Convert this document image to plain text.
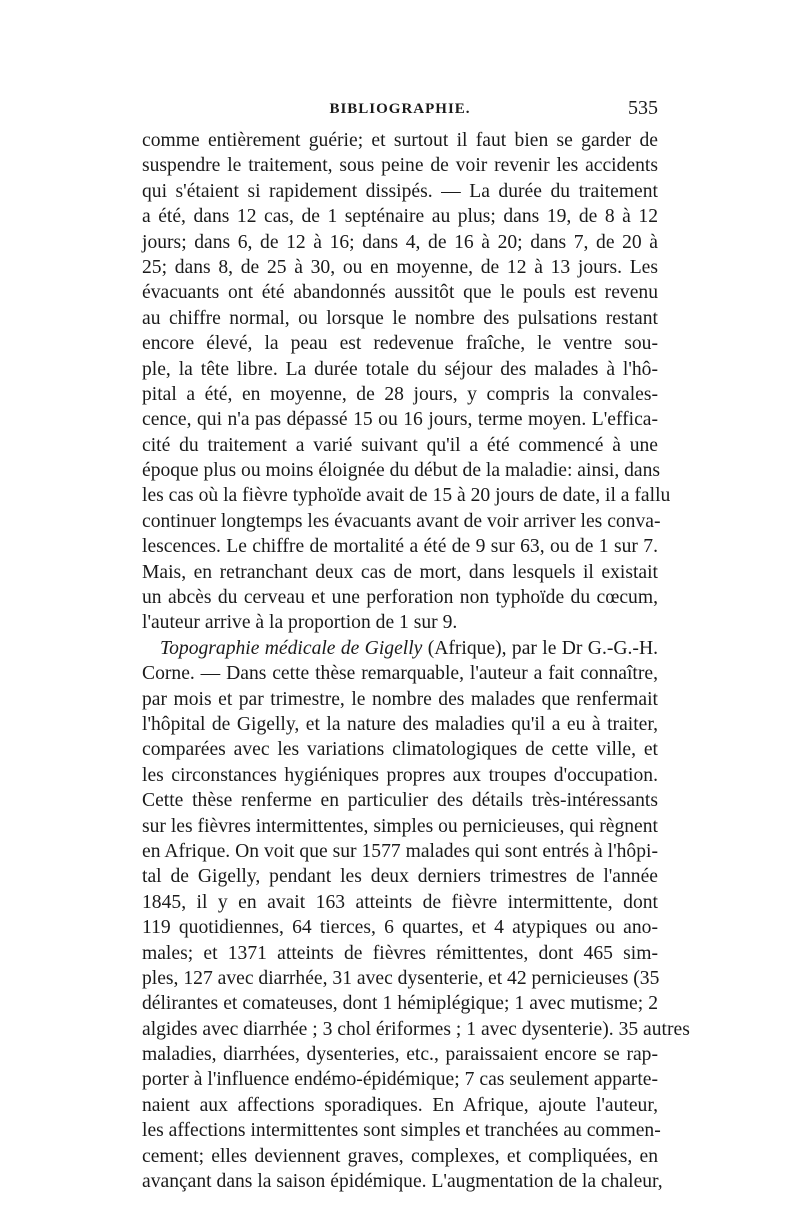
BIBLIOGRAPHIE.	535
comme entièrement guérie; et surtout il faut bien se garder de
suspendre le traitement, sous peine de voir revenir les accidents
qui s'étaient si rapidement dissipés. — La durée du traitement
a été, dans 12 cas, de 1 septénaire au plus; dans 19, de 8 à 12
jours; dans 6, de 12 à 16; dans 4, de 16 à 20; dans 7, de 20 à
25; dans 8, de 25 à 30, ou en moyenne, de 12 à 13 jours. Les
évacuants ont été abandonnés aussitôt que le pouls est revenu
au chiffre normal, ou lorsque le nombre des pulsations restant
encore élevé, la peau est redevenue fraîche, le ventre sou-
ple, la tête libre. La durée totale du séjour des malades à l'hô-
pital a été, en moyenne, de 28 jours, y compris la convales-
cence, qui n'a pas dépassé 15 ou 16 jours, terme moyen. L'effica-
cité du traitement a varié suivant qu'il a été commencé à une
époque plus ou moins éloignée du début de la maladie: ainsi, dans
les cas où la fièvre typhoïde avait de 15 à 20 jours de date, il a fallu
continuer longtemps les évacuants avant de voir arriver les conva-
lescences. Le chiffre de mortalité a été de 9 sur 63, ou de 1 sur 7.
Mais, en retranchant deux cas de mort, dans lesquels il existait
un abcès du cerveau et une perforation non typhoïde du cœcum,
l'auteur arrive à la proportion de 1 sur 9.
Topographie médicale de Gigelly (Afrique), par le Dr G.-G.-H.
Corne. — Dans cette thèse remarquable, l'auteur a fait connaître,
par mois et par trimestre, le nombre des malades que renfermait
l'hôpital de Gigelly, et la nature des maladies qu'il a eu à traiter,
comparées avec les variations climatologiques de cette ville, et
les circonstances hygiéniques propres aux troupes d'occupation.
Cette thèse renferme en particulier des détails très-intéressants
sur les fièvres intermittentes, simples ou pernicieuses, qui règnent
en Afrique. On voit que sur 1577 malades qui sont entrés à l'hôpi-
tal de Gigelly, pendant les deux derniers trimestres de l'année
1845, il y en avait 163 atteints de fièvre intermittente, dont
119 quotidiennes, 64 tierces, 6 quartes, et 4 atypiques ou ano-
males; et 1371 atteints de fièvres rémittentes, dont 465 sim-
ples, 127 avec diarrhée, 31 avec dysenterie, et 42 pernicieuses (35
délirantes et comateuses, dont 1 hémiplégique; 1 avec mutisme; 2
algides avec diarrhée ; 3 chol ériformes ; 1 avec dysenterie). 35 autres
maladies, diarrhées, dysenteries, etc., paraissaient encore se rap-
porter à l'influence endémo-épidémique; 7 cas seulement apparte-
naient aux affections sporadiques. En Afrique, ajoute l'auteur,
les affections intermittentes sont simples et tranchées au commen-
cement; elles deviennent graves, complexes, et compliquées, en
avançant dans la saison épidémique. L'augmentation de la chaleur,
